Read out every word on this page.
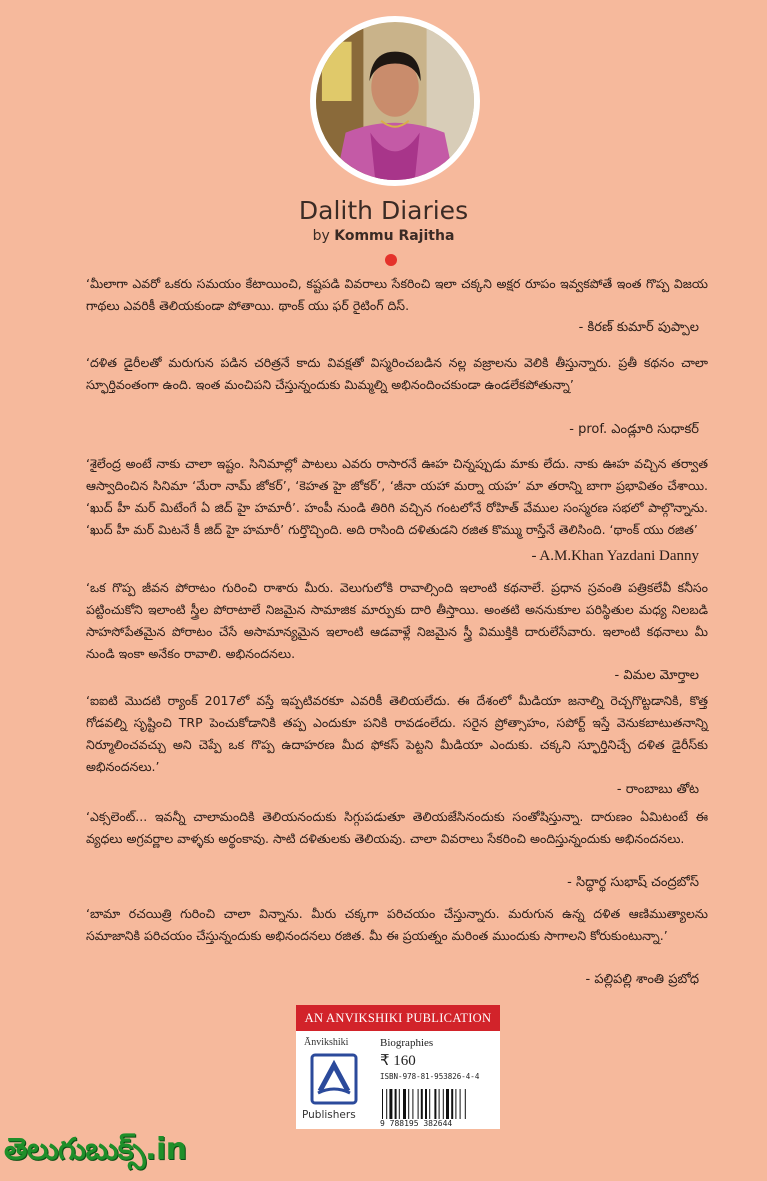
Dalith Diaries
by Kommu Rajitha
‘మీలాగా ఎవరో ఒకరు సమయం కేటాయించి, కష్టపడి వివరాలు సేకరించి ఇలా చక్కని అక్షర రూపం ఇవ్వకపోతే ఇంత గొప్ప విజయ గాథలు ఎవరికీ తెలియకుండా పోతాయి. థాంక్ యు ఫర్ రైటింగ్ దిస్.
- కిరణ్ కుమార్ పుప్పాల
‘దళిత డైరీలతో మరుగున పడిన చరిత్రనే కాదు వివక్షతో విస్మరించబడిన నల్ల వజ్రాలను వెలికి తీస్తున్నారు. ప్రతీ కథనం చాలా స్ఫూర్తివంతంగా ఉంది. ఇంత మంచిపని చేస్తున్నందుకు మిమ్మల్ని అభినందించకుండా ఉండలేకపోతున్నా’
- prof. ఎండ్లూరి సుధాకర్
‘శైలేంద్ర అంటే నాకు చాలా ఇష్టం. సినిమాల్లో పాటలు ఎవరు రాసారనే ఊహ చిన్నప్పుడు మాకు లేదు. నాకు ఊహ వచ్చిన తర్వాత ఆస్వాదించిన సినిమా ‘మేరా నామ్ జోకర్’, ‘కెహత హై జోకర్’, ‘జీనా యహా మర్నా యహ’ మా తరాన్ని బాగా ప్రభావితం చేశాయి. ‘ఖుద్ హీ మర్ మిటేంగే ఏ జిద్ హై హమారీ’. హంపీ నుండి తిరిగి వచ్చిన గంటలోనే రోహిత్ వేముల సంస్మరణ సభలో పాల్గొన్నాను. ‘ఖుద్ హీ మర్ మిటనే కీ జిద్ హై హమారీ’ గుర్తొచ్చింది. అది రాసింది దళితుడని రజిత కొమ్ము రాస్తేనే తెలిసింది. ‘థాంక్ యు రజిత’
- A.M.Khan Yazdani Danny
‘ఒక గొప్ప జీవన పోరాటం గురించి రాశారు మీరు. వెలుగులోకి రావాల్సింది ఇలాంటి కథనాలే. ప్రధాన స్రవంతి పత్రికలేవీ కనీసం పట్టించుకోని ఇలాంటి స్త్రీల పోరాటాలే నిజమైన సామాజిక మార్పుకు దారి తీస్తాయి. అంతటి అననుకూల పరిస్థితుల మధ్య నిలబడి సాహసోపేతమైన పోరాటం చేసే అసామాన్యమైన ఇలాంటి ఆడవాళ్లే నిజమైన స్త్రీ విముక్తికి దారులేసేవారు. ఇలాంటి కథనాలు మీ నుండి ఇంకా అనేకం రావాలి. అభినందనలు.
- విమల మోర్తాల
‘ఐఐటి మొదటి ర్యాంక్ 2017లో వస్తే ఇప్పటివరకూ ఎవరికీ తెలియలేదు. ఈ దేశంలో మీడియా జనాల్ని రెచ్చగొట్టడానికి, కొత్త గోడవల్ని సృష్టించి TRP పెంచుకోడానికి తప్ప ఎందుకూ పనికి రావడంలేదు. సరైన ప్రోత్సాహం, సపోర్ట్ ఇస్తే వెనుకబాటుతనాన్ని నిర్మూలించవచ్చు అని చెప్పే ఒక గొప్ప ఉదాహరణ మీద ఫోకస్ పెట్టని మీడియా ఎందుకు. చక్కని స్ఫూర్తినిచ్చే దళిత డైరీస్‌కు అభినందనలు.’
- రాంబాబు తోట
‘ఎక్సలెంట్... ఇవన్నీ చాలామందికి తెలియనందుకు సిగ్గుపడుతూ తెలియజేసినందుకు సంతోషిస్తున్నా. దారుణం ఏమిటంటే ఈ వ్యధలు అగ్రవర్ణాల వాళ్ళకు అర్థంకావు. సాటి దళితులకు తెలియవు. చాలా వివరాలు సేకరించి అందిస్తున్నందుకు అభినందనలు.
- సిద్ధార్థ సుభాష్ చంద్రబోస్
‘బామా రచయిత్రి గురించి చాలా విన్నాను. మీరు చక్కగా పరిచయం చేస్తున్నారు. మరుగున ఉన్న దళిత ఆణిముత్యాలను సమాజానికి పరిచయం చేస్తున్నందుకు అభినందనలు రజిత. మీ ఈ ప్రయత్నం మరింత ముందుకు సాగాలని కోరుకుంటున్నా.’
- పల్లిపల్లి శాంతి ప్రబోధ
AN ANVIKSHIKI PUBLICATION
Ānvikshiki
Publishers
Biographies
₹ 160
ISBN-978-81-953826-4-4
9 788195 382644
తెలుగుబుక్స్.in
